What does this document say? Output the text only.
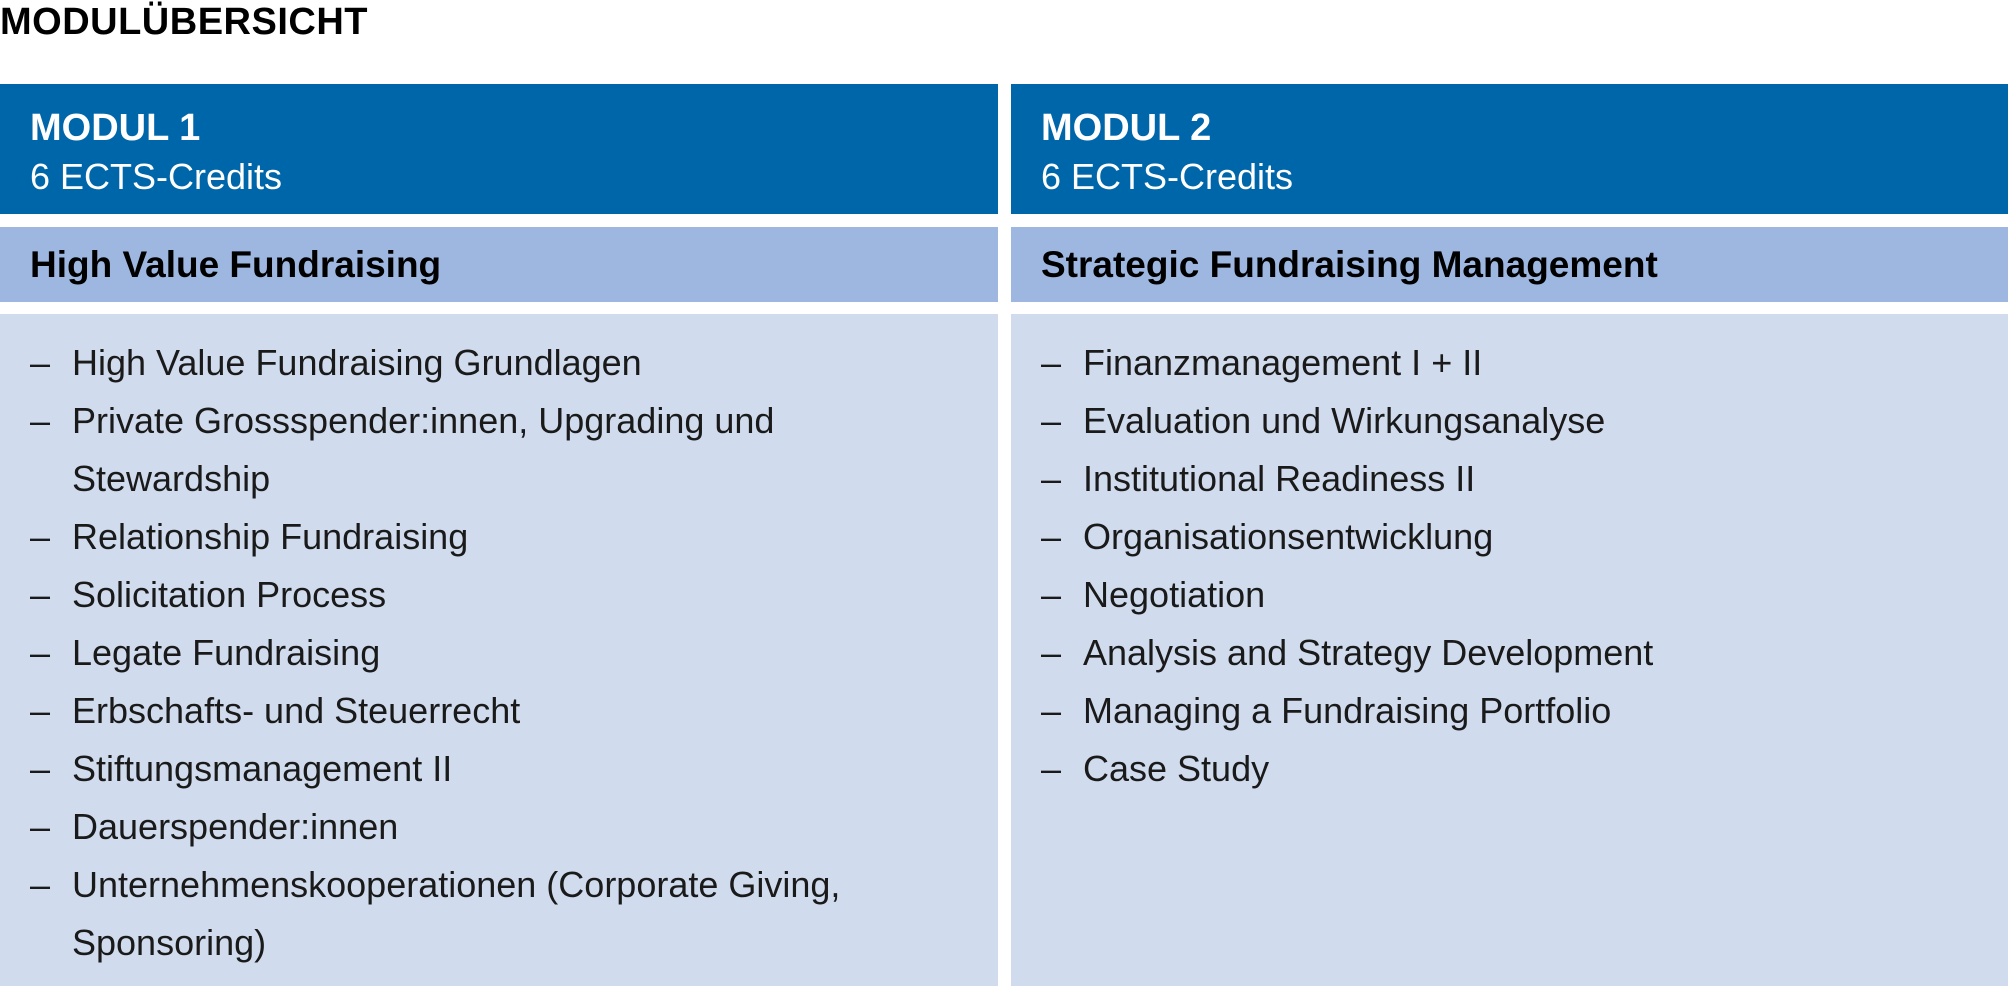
MODULÜBERSICHT
MODUL 1
6 ECTS-Credits
High Value Fundraising
– High Value Fundraising Grundlagen
– Private Grossspender:innen, Upgrading und Stewardship
– Relationship Fundraising
– Solicitation Process
– Legate Fundraising
– Erbschafts- und Steuerrecht
– Stiftungsmanagement II
– Dauerspender:innen
– Unternehmenskooperationen (Corporate Giving, Sponsoring)
MODUL 2
6 ECTS-Credits
Strategic Fundraising Management
– Finanzmanagement I + II
– Evaluation und Wirkungsanalyse
– Institutional Readiness II
– Organisationsentwicklung
– Negotiation
– Analysis and Strategy Development
– Managing a Fundraising Portfolio
– Case Study
